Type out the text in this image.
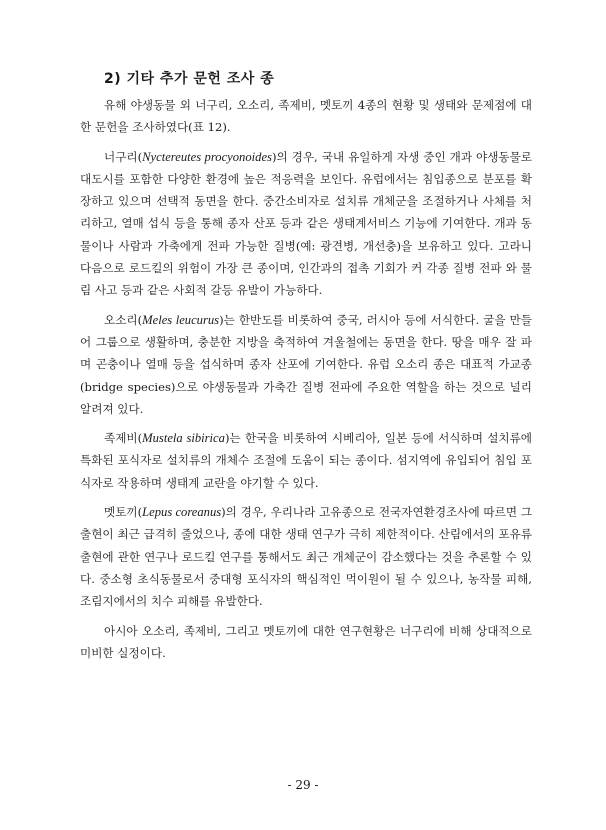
2) 기타 추가 문헌 조사 종

유해 야생동물 외 너구리, 오소리, 족제비, 멧토끼 4종의 현황 및 생태와 문제점에 대한 문헌을 조사하였다(표 12).

너구리(Nyctereutes procyonoides)의 경우, 국내 유일하게 자생 중인 개과 야생동물로 대도시를 포함한 다양한 환경에 높은 적응력을 보인다. 유럽에서는 침입종으로 분포를 확장하고 있으며 선택적 동면을 한다. 중간소비자로 설치류 개체군을 조절하거나 사체를 처리하고, 열매 섭식 등을 통해 종자 산포 등과 같은 생태계서비스 기능에 기여한다. 개과 동물이나 사람과 가축에게 전파 가능한 질병(예: 광견병, 개선충)을 보유하고 있다. 고라니 다음으로 로드킬의 위험이 가장 큰 종이며, 인간과의 접촉 기회가 커 각종 질병 전파 와 물림 사고 등과 같은 사회적 갈등 유발이 가능하다.

오소리(Meles leucurus)는 한반도를 비롯하여 중국, 러시아 등에 서식한다. 굴을 만들어 그룹으로 생활하며, 충분한 지방을 축적하여 겨울철에는 동면을 한다. 땅을 매우 잘 파며 곤충이나 열매 등을 섭식하며 종자 산포에 기여한다. 유럽 오소리 종은 대표적 가교종(bridge species)으로 야생동물과 가축간 질병 전파에 주요한 역할을 하는 것으로 널리 알려져 있다.

족제비(Mustela sibirica)는 한국을 비롯하여 시베리아, 일본 등에 서식하며 설치류에 특화된 포식자로 설치류의 개체수 조절에 도움이 되는 종이다. 섬지역에 유입되어 침입 포식자로 작용하며 생태계 교란을 야기할 수 있다.

멧토끼(Lepus coreanus)의 경우, 우리나라 고유종으로 전국자연환경조사에 따르면 그 출현이 최근 급격히 줄었으나, 종에 대한 생태 연구가 극히 제한적이다. 산림에서의 포유류 출현에 관한 연구나 로드킬 연구를 통해서도 최근 개체군이 감소했다는 것을 추론할 수 있다. 중소형 초식동물로서 중대형 포식자의 핵심적인 먹이원이 될 수 있으나, 농작물 피해, 조림지에서의 치수 피해를 유발한다.

아시아 오소리, 족제비, 그리고 멧토끼에 대한 연구현황은 너구리에 비해 상대적으로 미비한 실정이다.

- 29 -
